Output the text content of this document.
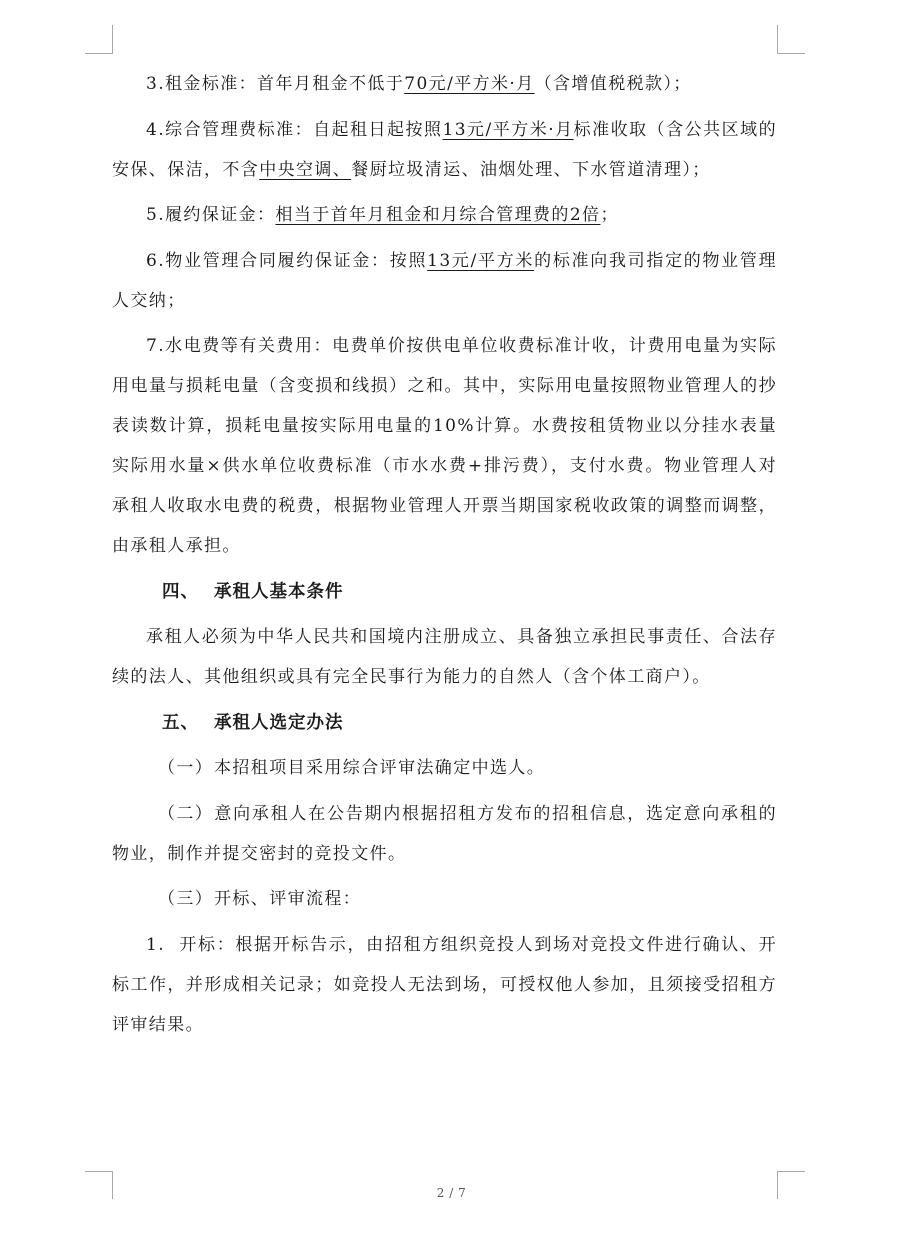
3.租金标准：首年月租金不低于70元/平方米·月（含增值税税款）；

4.综合管理费标准：自起租日起按照13元/平方米·月标准收取（含公共区域的安保、保洁，不含中央空调、餐厨垃圾清运、油烟处理、下水管道清理）；

5.履约保证金：相当于首年月租金和月综合管理费的2倍；

6.物业管理合同履约保证金：按照13元/平方米的标准向我司指定的物业管理人交纳；

7.水电费等有关费用：电费单价按供电单位收费标准计收，计费用电量为实际用电量与损耗电量（含变损和线损）之和。其中，实际用电量按照物业管理人的抄表读数计算，损耗电量按实际用电量的10%计算。水费按租赁物业以分挂水表量实际用水量×供水单位收费标准（市水水费+排污费），支付水费。物业管理人对承租人收取水电费的税费，根据物业管理人开票当期国家税收政策的调整而调整，由承租人承担。

四、 承租人基本条件

承租人必须为中华人民共和国境内注册成立、具备独立承担民事责任、合法存续的法人、其他组织或具有完全民事行为能力的自然人（含个体工商户）。

五、 承租人选定办法

（一）本招租项目采用综合评审法确定中选人。

（二）意向承租人在公告期内根据招租方发布的招租信息，选定意向承租的物业，制作并提交密封的竞投文件。

（三）开标、评审流程：

1. 开标：根据开标告示，由招租方组织竞投人到场对竞投文件进行确认、开标工作，并形成相关记录；如竞投人无法到场，可授权他人参加，且须接受招租方评审结果。

2 / 7
